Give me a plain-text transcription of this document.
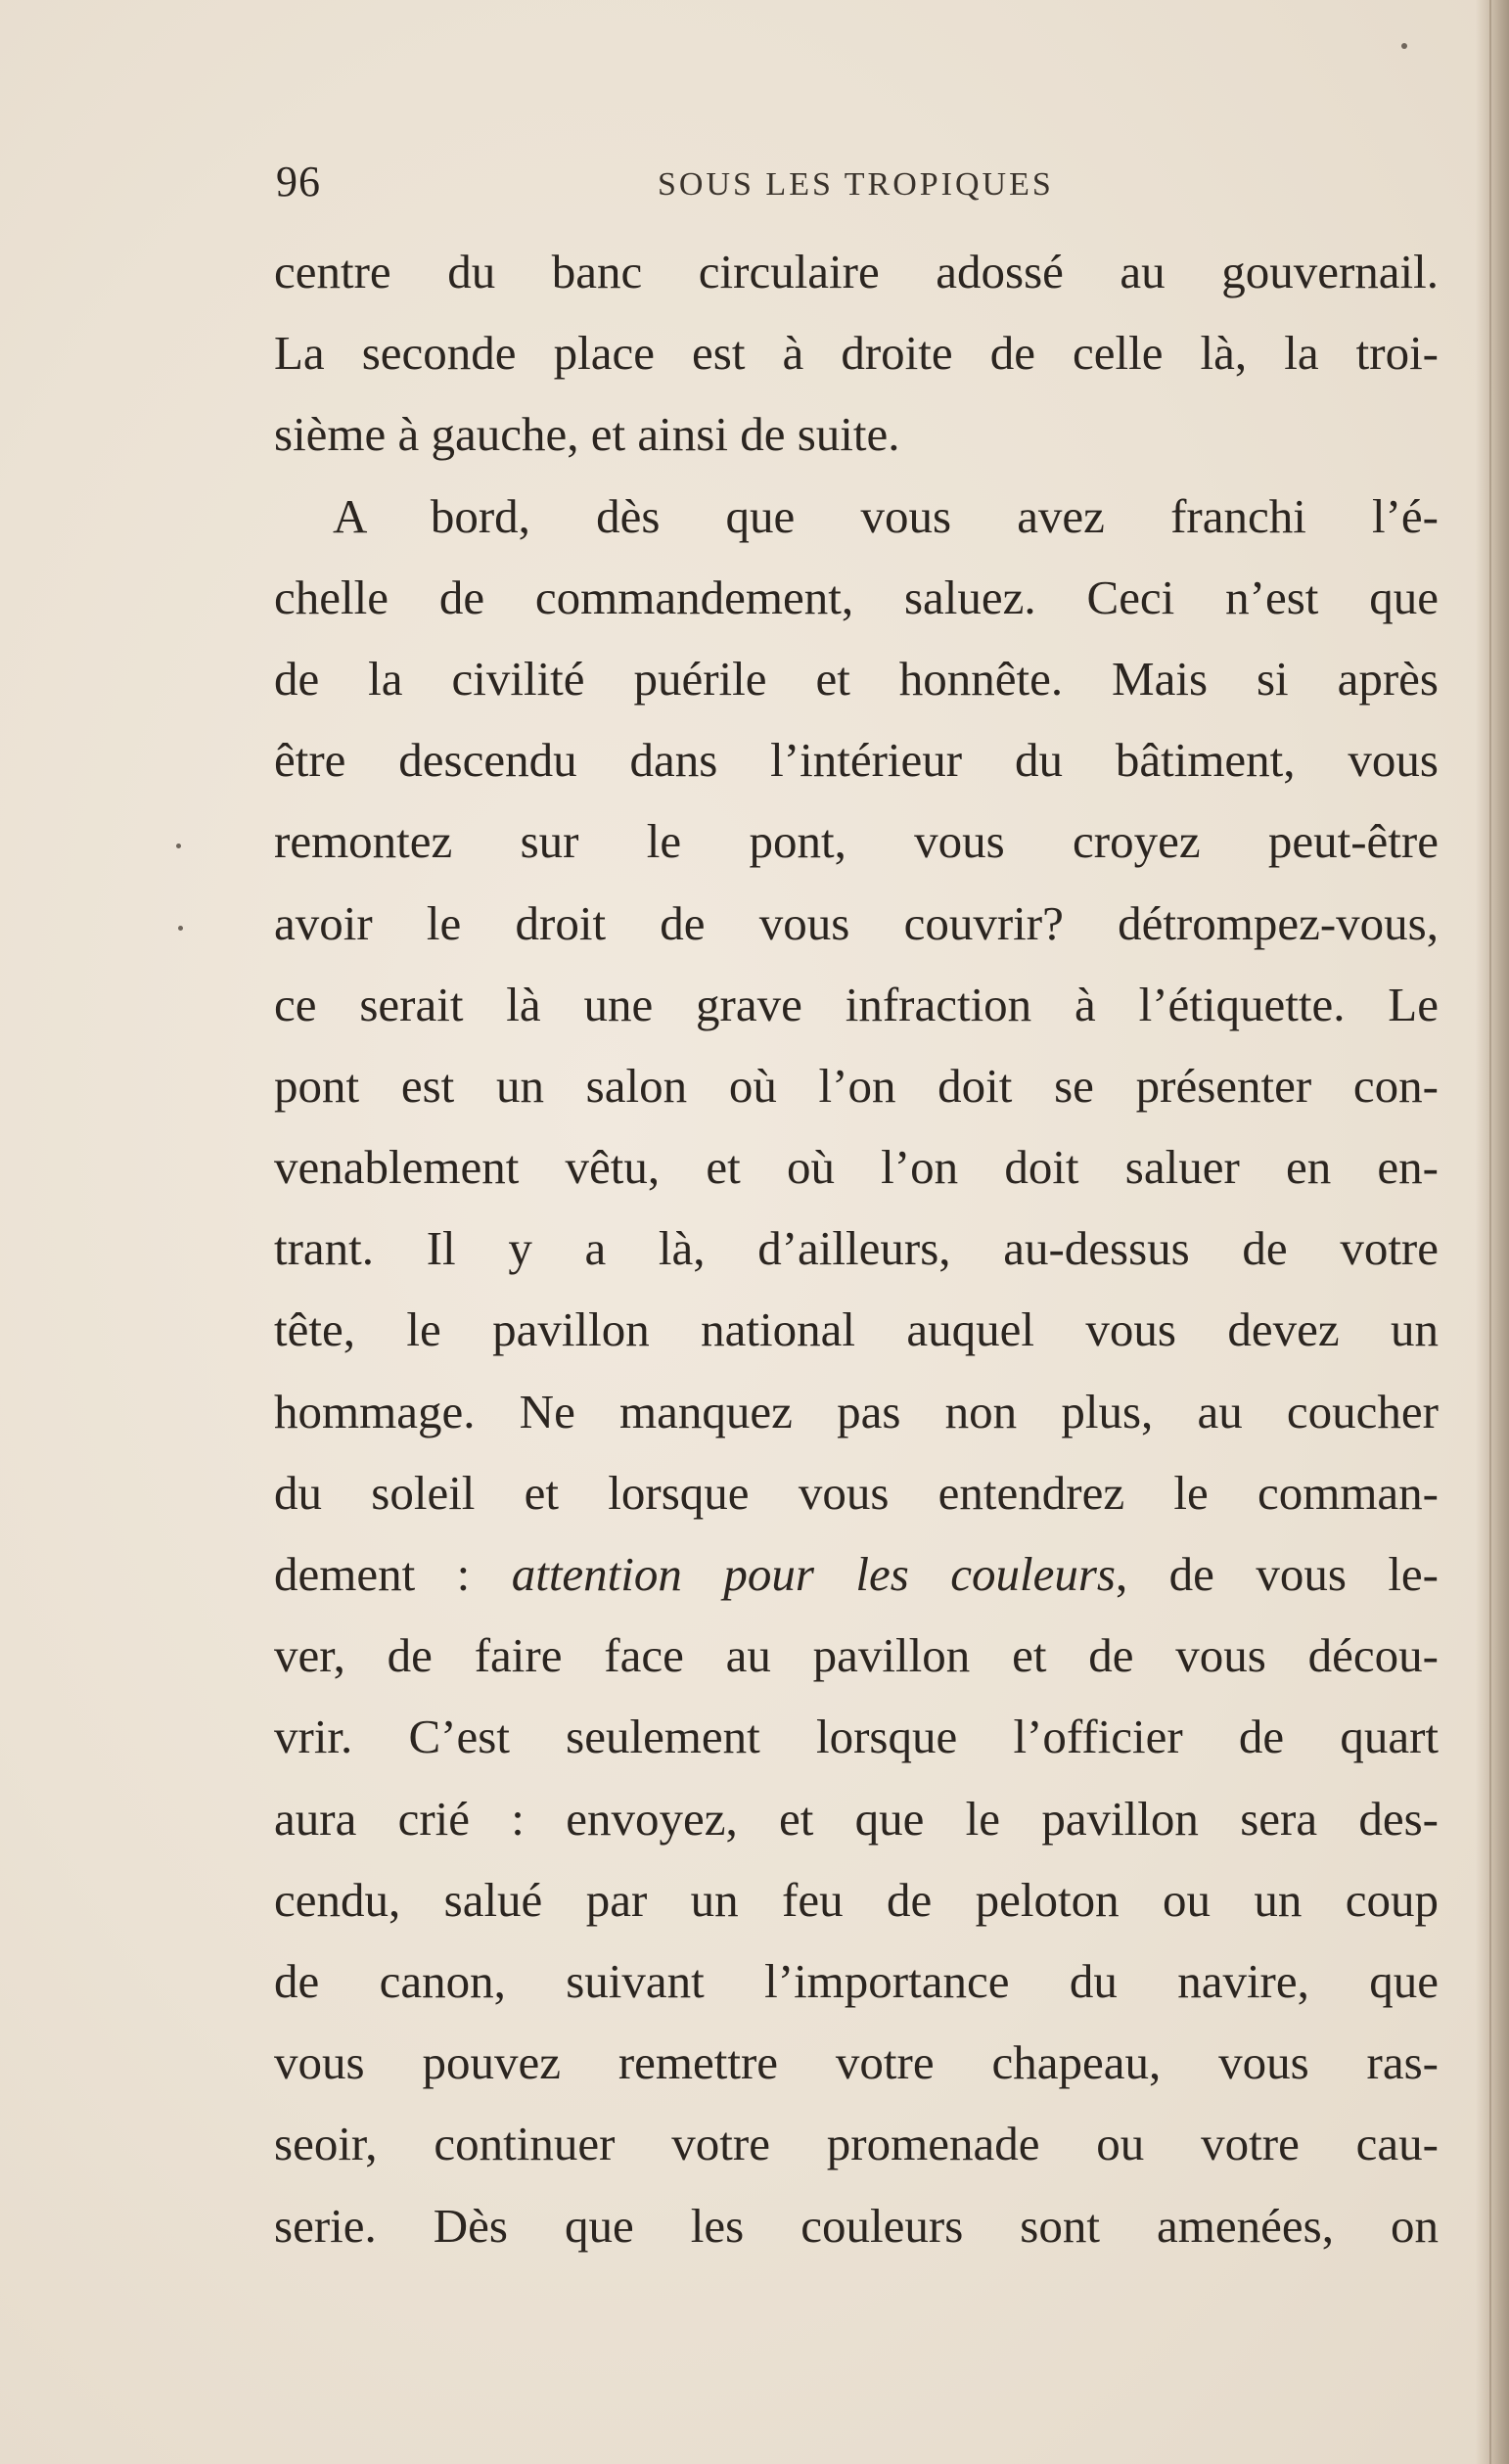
96	SOUS LES TROPIQUES
centre du banc circulaire adossé au gouvernail.
La seconde place est à droite de celle là, la troi-
sième à gauche, et ainsi de suite.
A bord, dès que vous avez franchi l’é-
chelle de commandement, saluez. Ceci n’est que
de la civilité puérile et honnête. Mais si après
être descendu dans l’intérieur du bâtiment, vous
remontez sur le pont, vous croyez peut-être
avoir le droit de vous couvrir? détrompez-vous,
ce serait là une grave infraction à l’étiquette. Le
pont est un salon où l’on doit se présenter con-
venablement vêtu, et où l’on doit saluer en en-
trant. Il y a là, d’ailleurs, au-dessus de votre
tête, le pavillon national auquel vous devez un
hommage. Ne manquez pas non plus, au coucher
du soleil et lorsque vous entendrez le comman-
dement : attention pour les couleurs, de vous le-
ver, de faire face au pavillon et de vous décou-
vrir. C’est seulement lorsque l’officier de quart
aura crié : envoyez, et que le pavillon sera des-
cendu, salué par un feu de peloton ou un coup
de canon, suivant l’importance du navire, que
vous pouvez remettre votre chapeau, vous ras-
seoir, continuer votre promenade ou votre cau-
serie. Dès que les couleurs sont amenées, on
